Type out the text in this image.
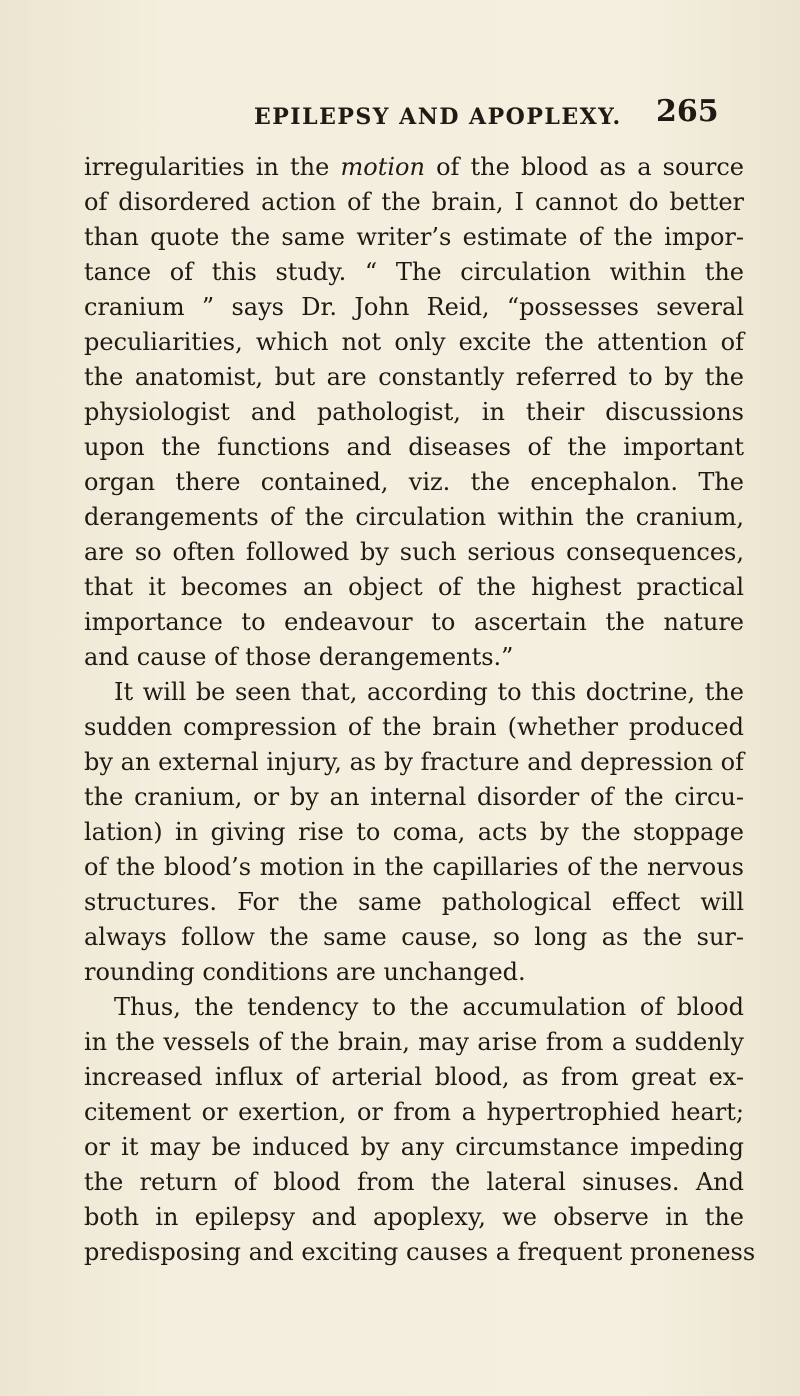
EPILEPSY AND APOPLEXY. 265
irregularities in the motion of the blood as a source
of disordered action of the brain, I cannot do better
than quote the same writer’s estimate of the impor-
tance of this study. “ The circulation within the
cranium ” says Dr. John Reid, “possesses several
peculiarities, which not only excite the attention of
the anatomist, but are constantly referred to by the
physiologist and pathologist, in their discussions
upon the functions and diseases of the important
organ there contained, viz. the encephalon. The
derangements of the circulation within the cranium,
are so often followed by such serious consequences,
that it becomes an object of the highest practical
importance to endeavour to ascertain the nature
and cause of those derangements.”
It will be seen that, according to this doctrine, the
sudden compression of the brain (whether produced
by an external injury, as by fracture and depression of
the cranium, or by an internal disorder of the circu-
lation) in giving rise to coma, acts by the stoppage
of the blood’s motion in the capillaries of the nervous
structures. For the same pathological effect will
always follow the same cause, so long as the sur-
rounding conditions are unchanged.
Thus, the tendency to the accumulation of blood
in the vessels of the brain, may arise from a suddenly
increased influx of arterial blood, as from great ex-
citement or exertion, or from a hypertrophied heart;
or it may be induced by any circumstance impeding
the return of blood from the lateral sinuses. And
both in epilepsy and apoplexy, we observe in the
predisposing and exciting causes a frequent proneness
